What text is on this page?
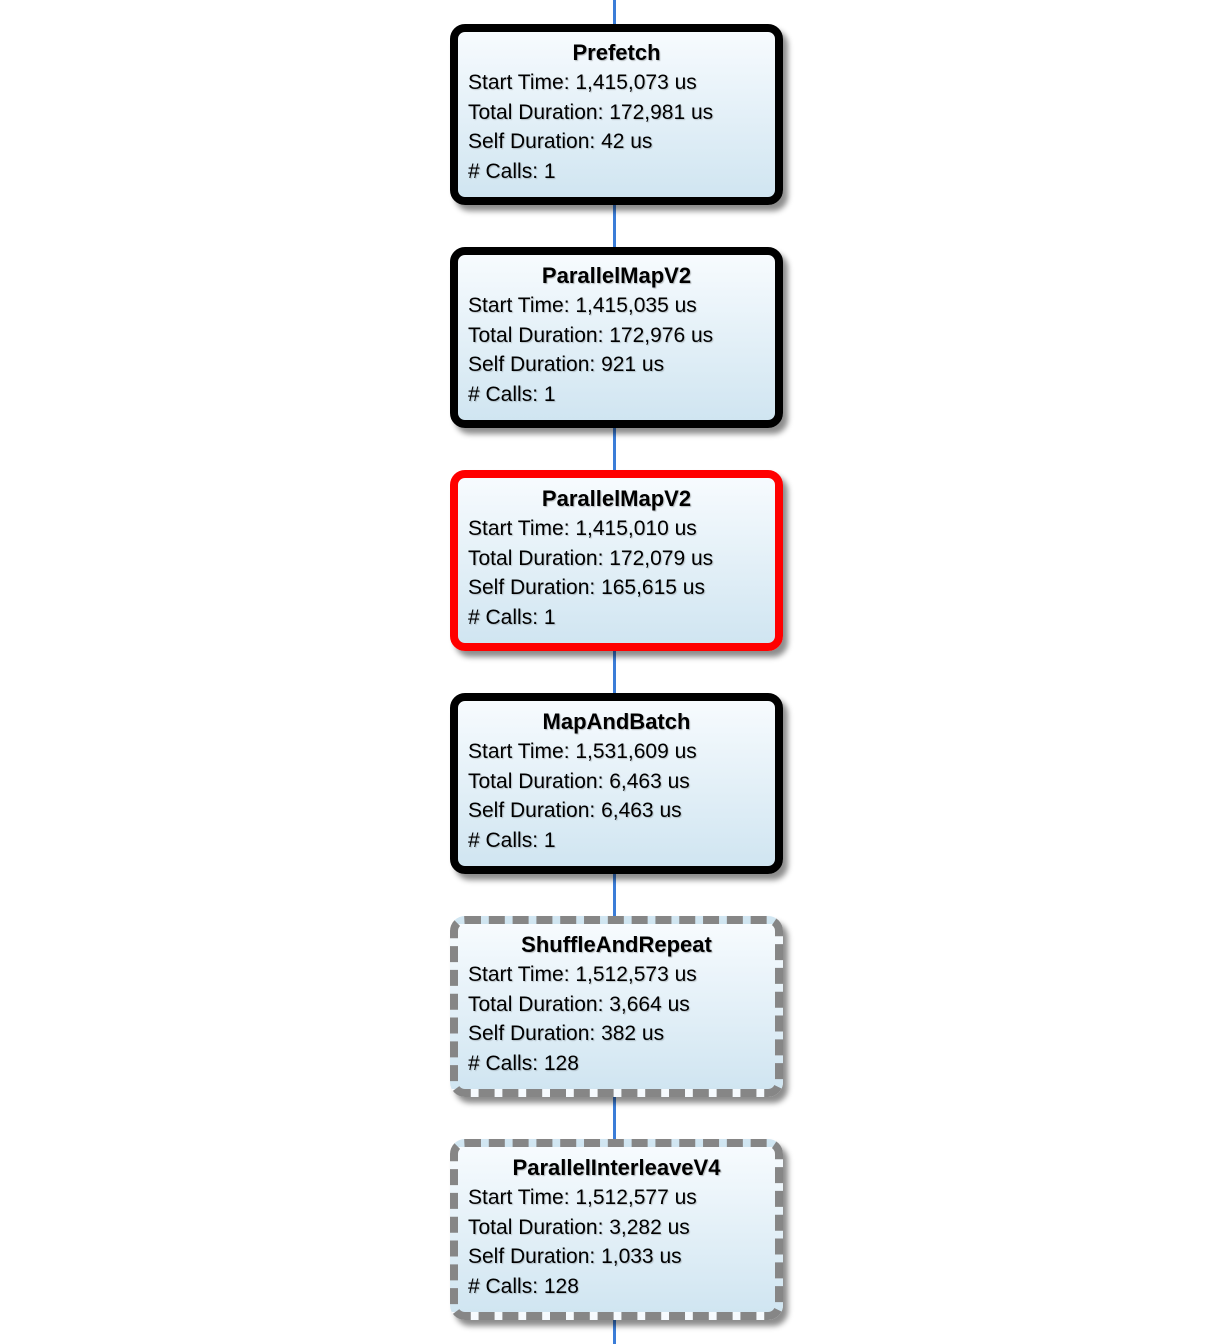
Prefetch
Start Time: 1,415,073 us
Total Duration: 172,981 us
Self Duration: 42 us
# Calls: 1
ParallelMapV2
Start Time: 1,415,035 us
Total Duration: 172,976 us
Self Duration: 921 us
# Calls: 1
ParallelMapV2
Start Time: 1,415,010 us
Total Duration: 172,079 us
Self Duration: 165,615 us
# Calls: 1
MapAndBatch
Start Time: 1,531,609 us
Total Duration: 6,463 us
Self Duration: 6,463 us
# Calls: 1
ShuffleAndRepeat
Start Time: 1,512,573 us
Total Duration: 3,664 us
Self Duration: 382 us
# Calls: 128
ParallelInterleaveV4
Start Time: 1,512,577 us
Total Duration: 3,282 us
Self Duration: 1,033 us
# Calls: 128
